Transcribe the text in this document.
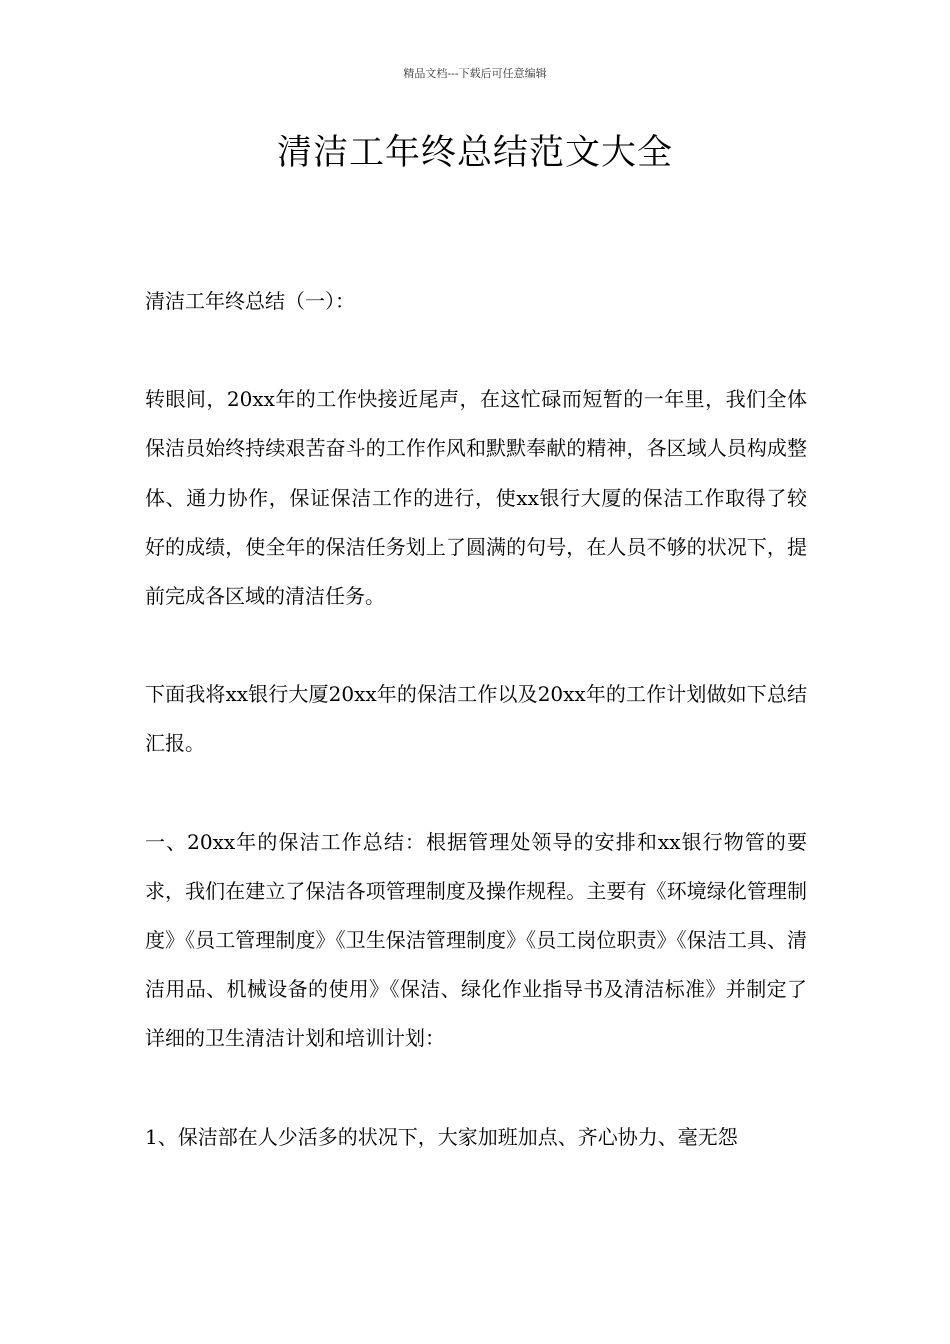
精品文档---下载后可任意编辑
清洁工年终总结范文大全

清洁工年终总结（一）：

转眼间，20xx年的工作快接近尾声，在这忙碌而短暂的一年里，我们全体保洁员始终持续艰苦奋斗的工作作风和默默奉献的精神，各区域人员构成整体、通力协作，保证保洁工作的进行，使xx银行大厦的保洁工作取得了较好的成绩，使全年的保洁任务划上了圆满的句号，在人员不够的状况下，提前完成各区域的清洁任务。

下面我将xx银行大厦20xx年的保洁工作以及20xx年的工作计划做如下总结汇报。

一、20xx年的保洁工作总结：根据管理处领导的安排和xx银行物管的要求，我们在建立了保洁各项管理制度及操作规程。主要有《环境绿化管理制度》《员工管理制度》《卫生保洁管理制度》《员工岗位职责》《保洁工具、清洁用品、机械设备的使用》《保洁、绿化作业指导书及清洁标准》并制定了详细的卫生清洁计划和培训计划：

1、保洁部在人少活多的状况下，大家加班加点、齐心协力、毫无怨
